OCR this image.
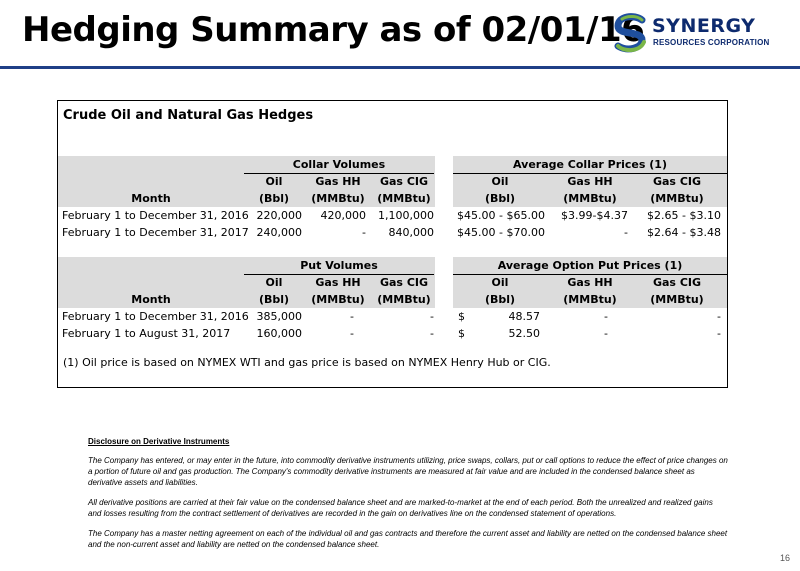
Hedging Summary as of 02/01/16 SYNERGY
RESOURCES CORPORATION
Crude Oil and Natural Gas Hedges
Collar Volumes	Average Collar Prices (1)
Oil	Gas HH	Gas CIG	Oil	Gas HH	Gas CIG
Month	(Bbl)	(MMBtu)	(MMBtu)	(Bbl)	(MMBtu)	(MMBtu)
February 1 to December 31, 2016 220,000	420,000	1,100,000	$45.00 - $65.00	$3.99-$4.37	$2.65 - $3.10
February 1 to December 31, 2017 240,000	-	840,000	$45.00 - $70.00	-	$2.64 - $3.48
Put Volumes	Average Option Put Prices (1)
Oil	Gas HH	Gas CIG	Oil	Gas HH	Gas CIG
Month	(Bbl)	(MMBtu)	(MMBtu)	(Bbl)	(MMBtu)	(MMBtu)
February 1 to December 31, 2016 385,000	-	- $	48.57	-	-
February 1 to August 31, 2017	160,000	-	- $	52.50	-	-
(1) Oil price is based on NYMEX WTI and gas price is based on NYMEX Henry Hub or CIG.
Disclosure on Derivative Instruments
The Company has entered, or may enter in the future, into commodity derivative instruments utilizing, price swaps, collars, put or call options to reduce the effect of price changes on a portion of future oil and gas production. The Company's commodity derivative instruments are measured at fair value and are included in the condensed balance sheet as derivative assets and liabilities.
All derivative positions are carried at their fair value on the condensed balance sheet and are marked-to-market at the end of each period. Both the unrealized and realized gains and losses resulting from the contract settlement of derivatives are recorded in the gain on derivatives line on the condensed statement of operations.
The Company has a master netting agreement on each of the individual oil and gas contracts and therefore the current asset and liability are netted on the condensed balance sheet and the non-current asset and liability are netted on the condensed balance sheet.
16
